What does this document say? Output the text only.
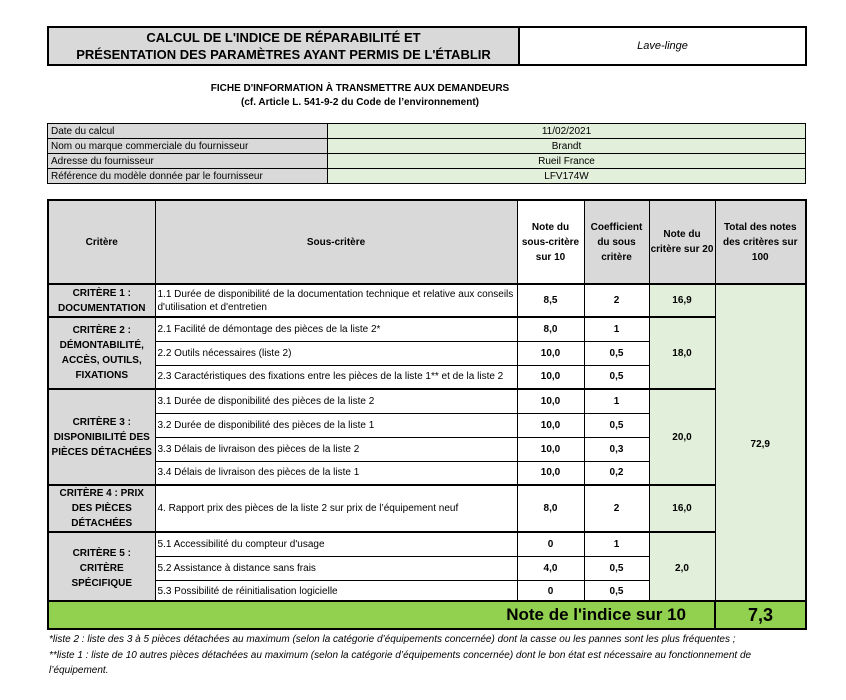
CALCUL DE L'INDICE DE RÉPARABILITÉ ET
PRÉSENTATION DES PARAMÈTRES AYANT PERMIS DE L'ÉTABLIR
	Lave-linge
FICHE D'INFORMATION À TRANSMETTRE AUX DEMANDEURS
(cf. Article L. 541-9-2 du Code de l’environnement)
Date du calcul	11/02/2021
Nom ou marque commerciale du fournisseur	Brandt
Adresse du fournisseur	Rueil France
Référence du modèle donnée par le fournisseur	LFV174W
Critère	Sous-critère	Note du sous-critère sur 10	Coefficient du sous critère	Note du critère sur 20	Total des notes des critères sur 100
CRITÈRE 1 : DOCUMENTATION	1.1 Durée de disponibilité de la documentation technique et relative aux conseils d'utilisation et d'entretien	8,5	2	16,9	72,9
CRITÈRE 2 : DÉMONTABILITÉ, ACCÈS, OUTILS, FIXATIONS	2.1 Facilité de démontage des pièces de la liste 2*	8,0	1	18,0	
	2.2 Outils nécessaires (liste 2)	10,0	0,5		
	2.3 Caractéristiques des fixations entre les pièces de la liste 1** et de la liste 2	10,0	0,5		
CRITÈRE 3 : DISPONIBILITÉ DES PIÈCES DÉTACHÉES	3.1 Durée de disponibilité des pièces de la liste 2	10,0	1	20,0	
	3.2 Durée de disponibilité des pièces de la liste 1	10,0	0,5		
	3.3 Délais de livraison des pièces de la liste 2	10,0	0,3		
	3.4 Délais de livraison des pièces de la liste 1	10,0	0,2		
CRITÈRE 4 : PRIX DES PIÈCES DÉTACHÉES	4. Rapport prix des pièces de la liste 2 sur prix de l’équipement neuf	8,0	2	16,0	
CRITÈRE 5 : CRITÈRE SPÉCIFIQUE	5.1 Accessibilité du compteur d'usage	0	1	2,0	
	5.2 Assistance à distance sans frais	4,0	0,5		
	5.3 Possibilité de réinitialisation logicielle	0	0,5		
Note de l'indice sur 10	7,3
*liste 2 : liste des 3 à 5 pièces détachées au maximum (selon la catégorie d’équipements concernée) dont la casse ou les pannes sont les plus fréquentes ;
**liste 1 : liste de 10 autres pièces détachées au maximum (selon la catégorie d’équipements concernée) dont le bon état est nécessaire au fonctionnement de l’équipement.
